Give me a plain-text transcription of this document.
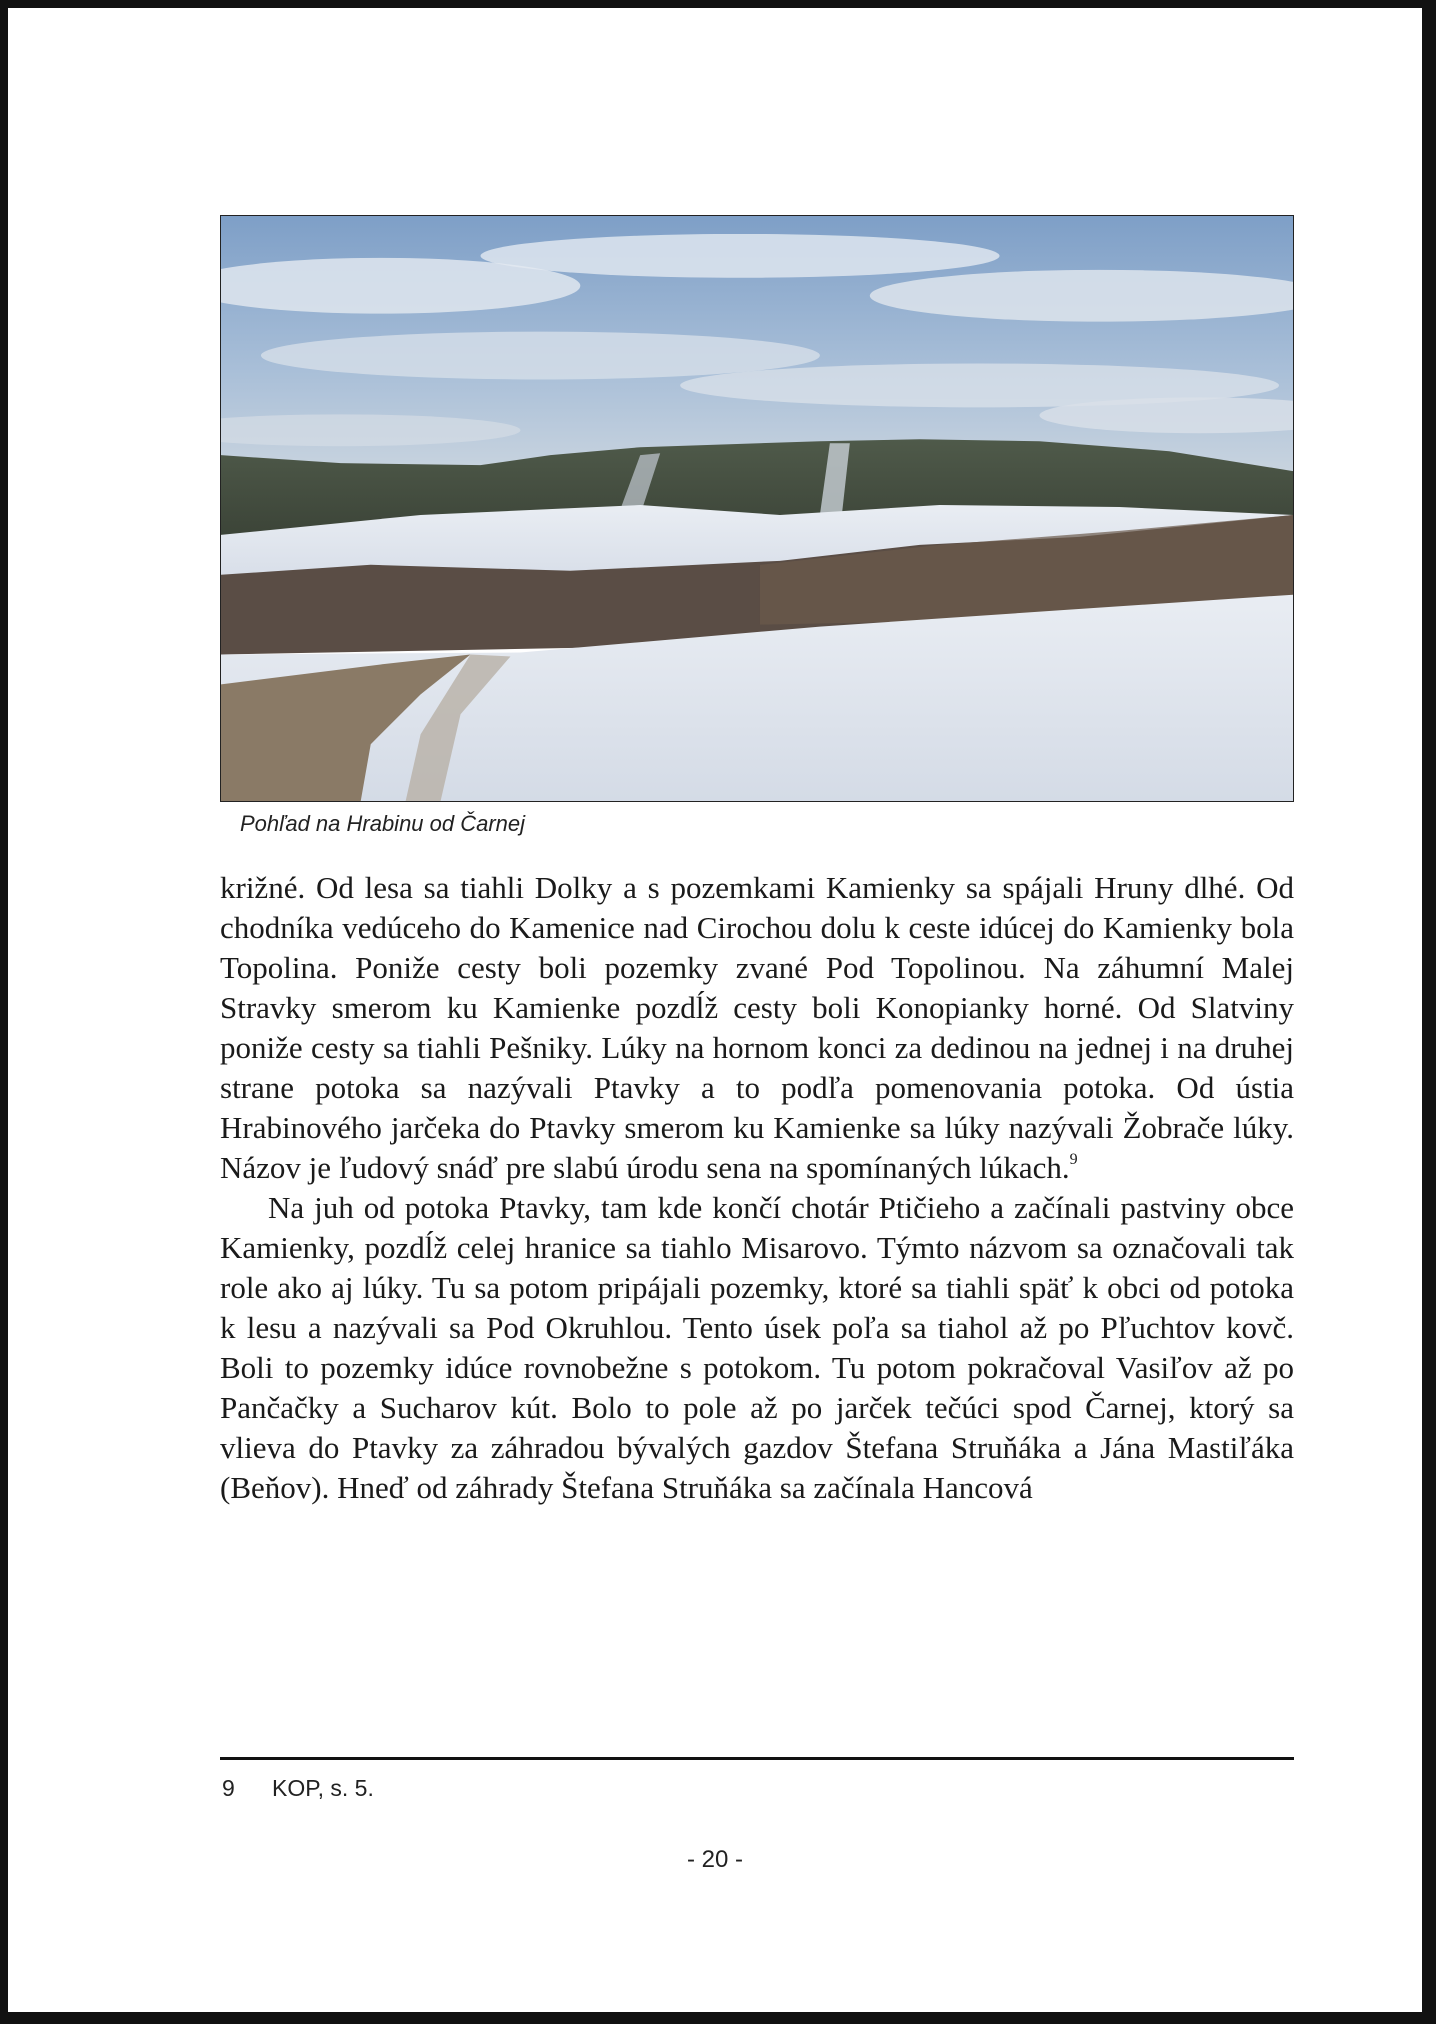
Pohľad na Hrabinu od Čarnej

križné. Od lesa sa tiahli Dolky a s pozemkami Kamienky sa spájali Hruny dlhé. Od chodníka vedúceho do Kamenice nad Cirochou dolu k ceste idúcej do Kamienky bola Topolina. Poniže cesty boli pozemky zvané Pod Topolinou. Na záhumní Malej Stravky smerom ku Kamienke pozdĺž cesty boli Konopianky horné. Od Slatviny poniže cesty sa tiahli Pešniky. Lúky na hornom konci za dedinou na jednej i na druhej strane potoka sa nazývali Ptavky a to podľa pomenovania potoka. Od ústia Hrabinového jarčeka do Ptavky smerom ku Kamienke sa lúky nazývali Žobrače lúky. Názov je ľudový snáď pre slabú úrodu sena na spomínaných lúkach.$^9$

Na juh od potoka Ptavky, tam kde končí chotár Ptičieho a začínali pastviny obce Kamienky, pozdĺž celej hranice sa tiahlo Misarovo. Týmto názvom sa označovali tak role ako aj lúky. Tu sa potom pripájali pozemky, ktoré sa tiahli späť k obci od potoka k lesu a nazývali sa Pod Okruhlou. Tento úsek poľa sa tiahol až po Pľuchtov kovč. Boli to pozemky idúce rovnobežne s potokom. Tu potom pokračoval Vasiľov až po Pančačky a Sucharov kút. Bolo to pole až po jarček tečúci spod Čarnej, ktorý sa vlieva do Ptavky za záhradou bývalých gazdov Štefana Struňáka a Jána Mastiľáka (Beňov). Hneď od záhrady Štefana Struňáka sa začínala Hancová

9 KOP, s. 5.
- 20 -
